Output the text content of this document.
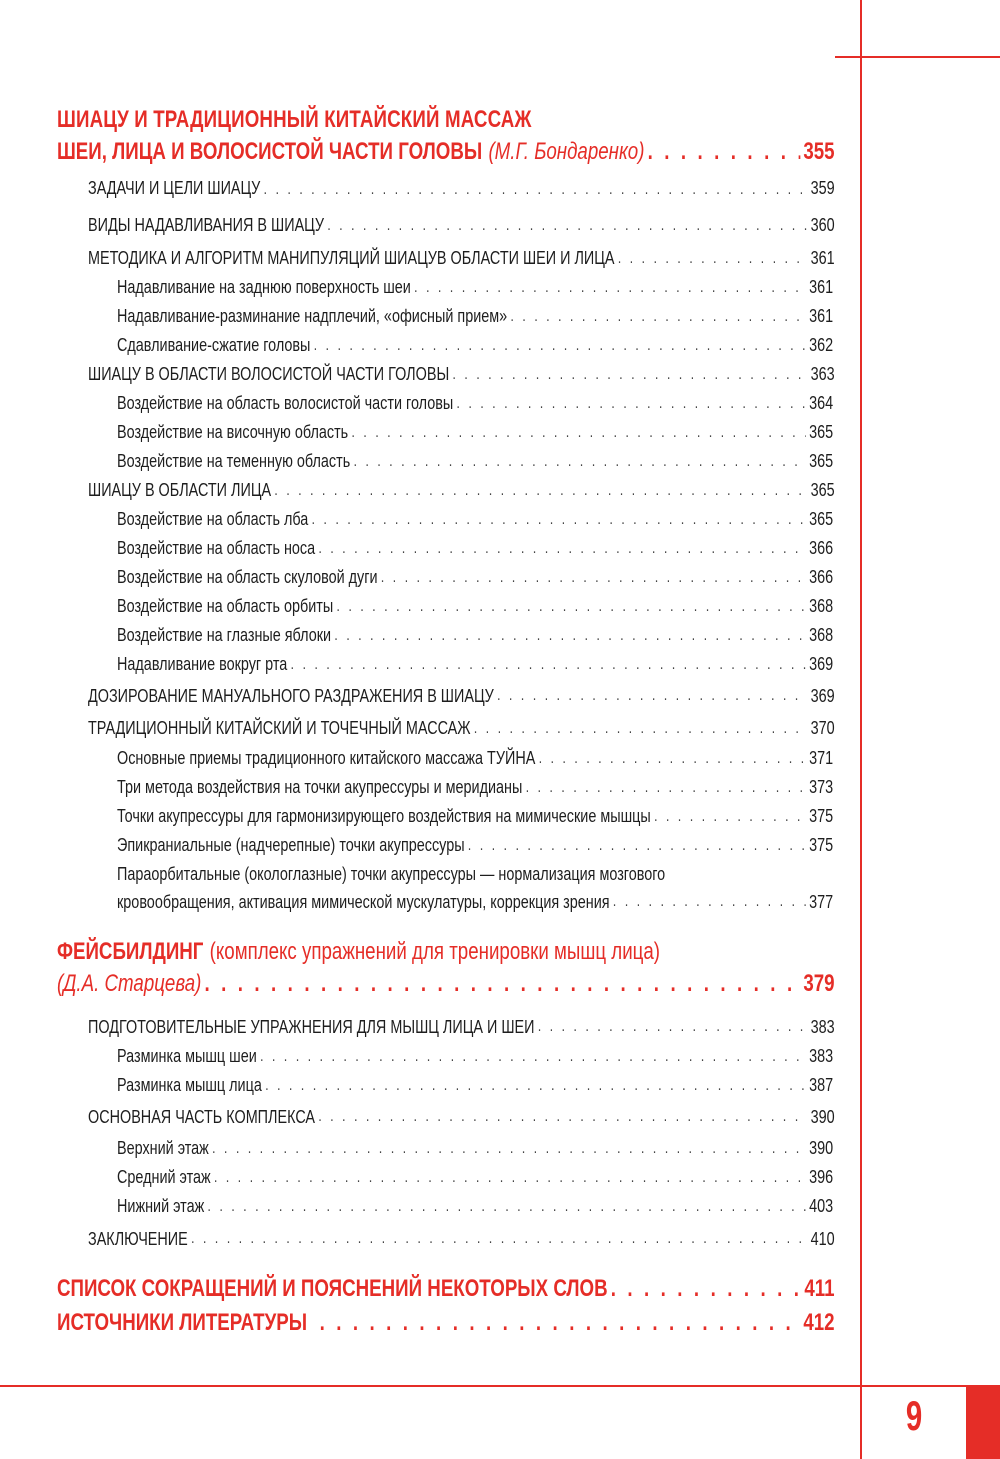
9
ШИАЦУ И ТРАДИЦИОННЫЙ КИТАЙСКИЙ МАССАЖ
ШЕИ, ЛИЦА И ВОЛОСИСТОЙ ЧАСТИ ГОЛОВЫ (М.Г. Бондаренко) . . .	355
ЗАДАЧИ И ЦЕЛИ ШИАЦУ . . .	359
ВИДЫ НАДАВЛИВАНИЯ В ШИАЦУ . . .	360
МЕТОДИКА И АЛГОРИТМ МАНИПУЛЯЦИЙ ШИАЦУВ ОБЛАСТИ ШЕИ И ЛИЦА . . .	361
Надавливание на заднюю поверхность шеи . . .	361
Надавливание-разминание надплечий, «офисный прием» . . .	361
Сдавливание-сжатие головы . . .	362
ШИАЦУ В ОБЛАСТИ ВОЛОСИСТОЙ ЧАСТИ ГОЛОВЫ . . .	363
Воздействие на область волосистой части головы . . .	364
Воздействие на височную область . . .	365
Воздействие на теменную область . . .	365
ШИАЦУ В ОБЛАСТИ ЛИЦА . . .	365
Воздействие на область лба . . .	365
Воздействие на область носа . . .	366
Воздействие на область скуловой дуги . . .	366
Воздействие на область орбиты . . .	368
Воздействие на глазные яблоки . . .	368
Надавливание вокруг рта . . .	369
ДОЗИРОВАНИЕ МАНУАЛЬНОГО РАЗДРАЖЕНИЯ В ШИАЦУ . . .	369
ТРАДИЦИОННЫЙ КИТАЙСКИЙ И ТОЧЕЧНЫЙ МАССАЖ . . .	370
Основные приемы традиционного китайского массажа ТУЙНА . . .	371
Три метода воздействия на точки акупрессуры и меридианы . . .	373
Точки акупрессуры для гармонизирующего воздействия на мимические мышцы . . .	375
Эпикраниальные (надчерепные) точки акупрессуры . . .	375
Параорбитальные (окологлазные) точки акупрессуры — нормализация мозгового
кровообращения, активация мимической мускулатуры, коррекция зрения . . .	377
ФЕЙСБИЛДИНГ (комплекс упражнений для тренировки мышц лица)
(Д.А. Старцева) . . .	379
ПОДГОТОВИТЕЛЬНЫЕ УПРАЖНЕНИЯ ДЛЯ МЫШЦ ЛИЦА И ШЕИ . . .	383
Разминка мышц шеи . . .	383
Разминка мышц лица . . .	387
ОСНОВНАЯ ЧАСТЬ КОМПЛЕКСА . . .	390
Верхний этаж . . .	390
Средний этаж . . .	396
Нижний этаж . . .	403
ЗАКЛЮЧЕНИЕ . . .	410
СПИСОК СОКРАЩЕНИЙ И ПОЯСНЕНИЙ НЕКОТОРЫХ СЛОВ . . .	411
ИСТОЧНИКИ ЛИТЕРАТУРЫ . . .	412
